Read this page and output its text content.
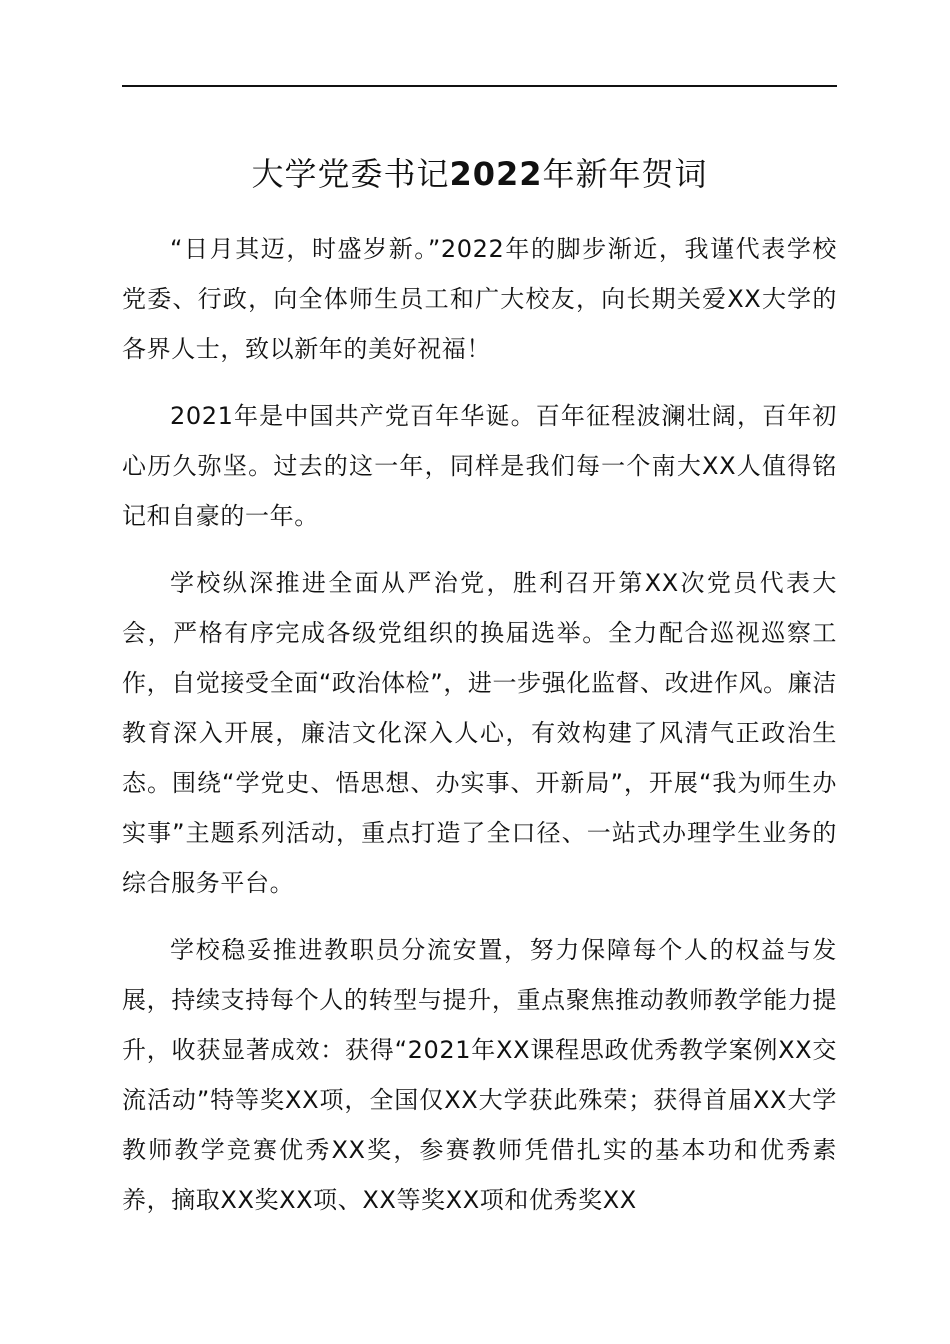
大学党委书记2022年新年贺词

“日月其迈，时盛岁新。”2022年的脚步渐近，我谨代表学校党委、行政，向全体师生员工和广大校友，向长期关爱XX大学的各界人士，致以新年的美好祝福！

2021年是中国共产党百年华诞。百年征程波澜壮阔，百年初心历久弥坚。过去的这一年，同样是我们每一个南大XX人值得铭记和自豪的一年。

学校纵深推进全面从严治党，胜利召开第XX次党员代表大会，严格有序完成各级党组织的换届选举。全力配合巡视巡察工作，自觉接受全面“政治体检”，进一步强化监督、改进作风。廉洁教育深入开展，廉洁文化深入人心，有效构建了风清气正政治生态。围绕“学党史、悟思想、办实事、开新局”，开展“我为师生办实事”主题系列活动，重点打造了全口径、一站式办理学生业务的综合服务平台。

学校稳妥推进教职员分流安置，努力保障每个人的权益与发展，持续支持每个人的转型与提升，重点聚焦推动教师教学能力提升，收获显著成效：获得“2021年XX课程思政优秀教学案例XX交流活动”特等奖XX项，全国仅XX大学获此殊荣；获得首届XX大学教师教学竞赛优秀XX奖，参赛教师凭借扎实的基本功和优秀素养，摘取XX奖XX项、XX等奖XX项和优秀奖XX
